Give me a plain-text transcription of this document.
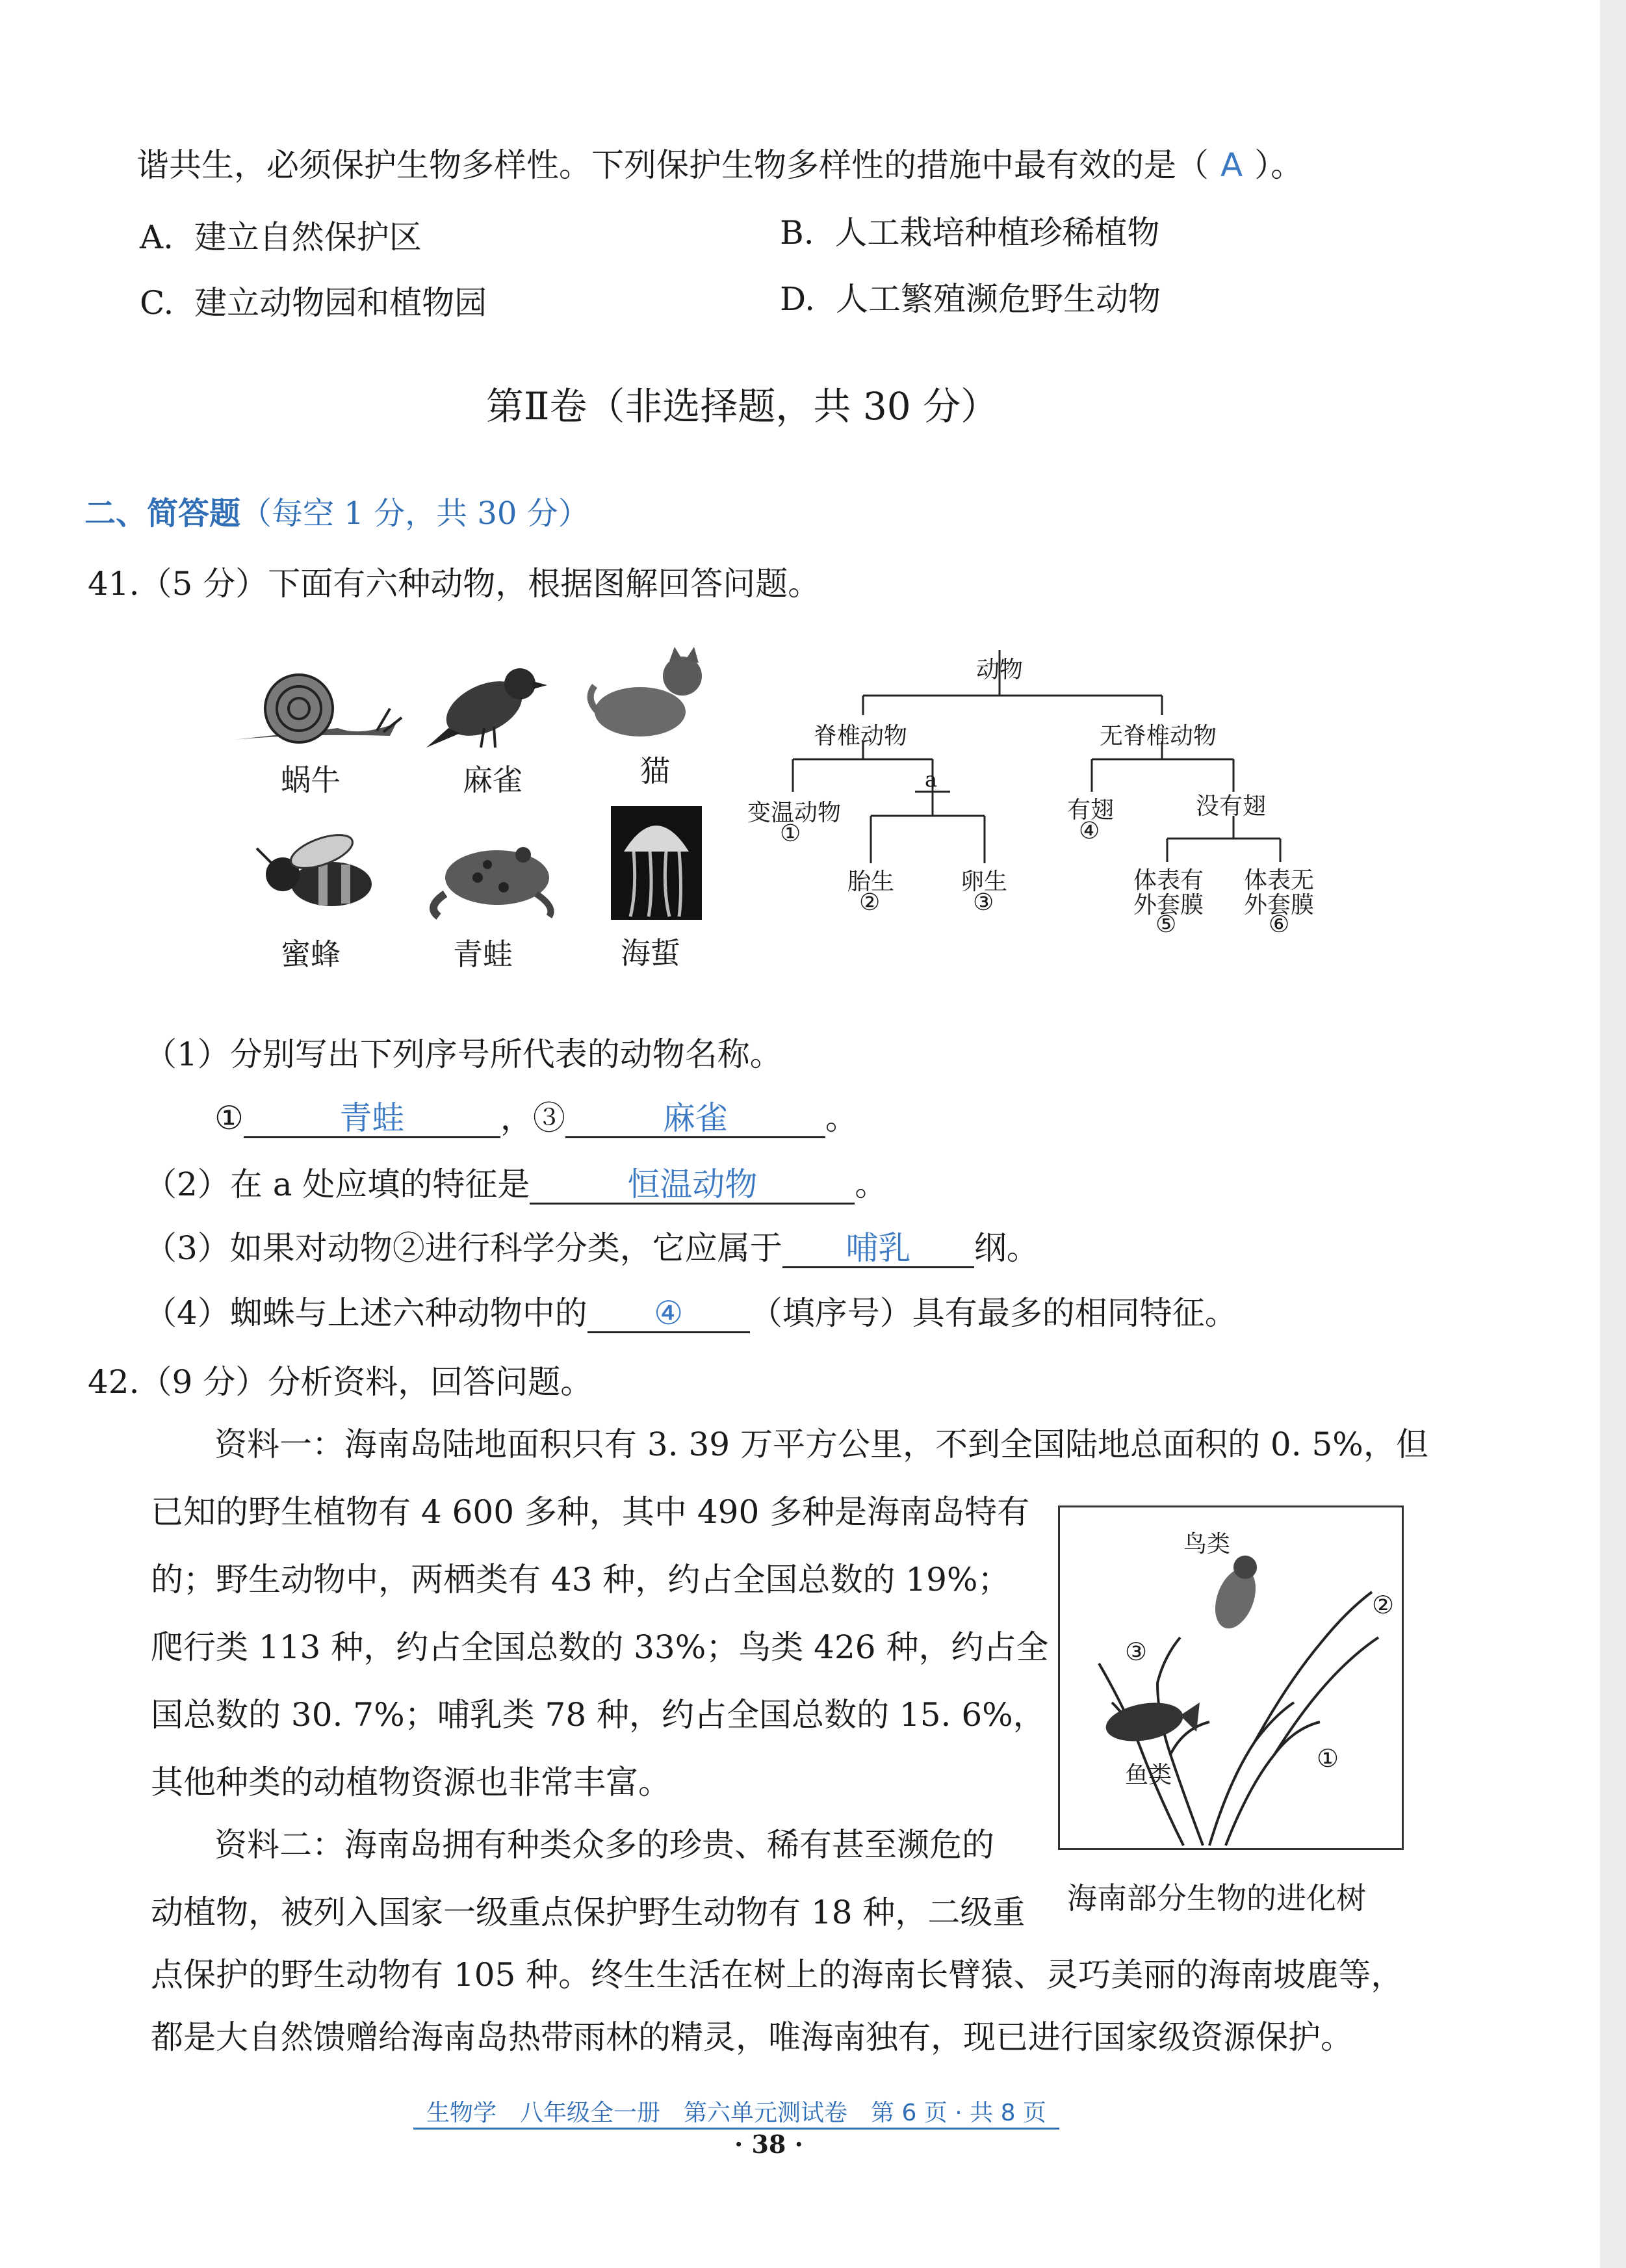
谐共生，必须保护生物多样性。下列保护生物多样性的措施中最有效的是（ A ）。
A. 建立自然保护区	B. 人工栽培种植珍稀植物
C. 建立动物园和植物园	D. 人工繁殖濒危野生动物
第Ⅱ卷（非选择题，共 30 分）
二、简答题（每空 1 分，共 30 分）
41.（5 分）下面有六种动物，根据图解回答问题。
蜗牛	麻雀	猫
蜜蜂	青蛙	海蜇
动物
脊椎动物	无脊椎动物
变温动物
①
a
胎生
②
卵生
③
有翅
④
没有翅
体表有
外套膜
⑤
体表无
外套膜
⑥
（1）分别写出下列序号所代表的动物名称。
①	青蛙	，③	麻雀	。
（2）在 a 处应填的特征是	恒温动物	。
（3）如果对动物②进行科学分类，它应属于 哺乳 纲。
（4）蜘蛛与上述六种动物中的 ④ （填序号）具有最多的相同特征。
42.（9 分）分析资料，回答问题。
资料一：海南岛陆地面积只有 3. 39 万平方公里，不到全国陆地总面积的 0. 5%，但
已知的野生植物有 4 600 多种，其中 490 多种是海南岛特有
的；野生动物中，两栖类有 43 种，约占全国总数的 19%；
爬行类 113 种，约占全国总数的 33%；鸟类 426 种，约占全
国总数的 30. 7%；哺乳类 78 种，约占全国总数的 15. 6%，
其他种类的动植物资源也非常丰富。
资料二：海南岛拥有种类众多的珍贵、稀有甚至濒危的
动植物，被列入国家一级重点保护野生动物有 18 种，二级重
点保护的野生动物有 105 种。终生生活在树上的海南长臂猿、灵巧美丽的海南坡鹿等，
都是大自然馈赠给海南岛热带雨林的精灵，唯海南独有，现已进行国家级资源保护。
鸟类
鱼类
①
②
③
海南部分生物的进化树
生物学　八年级全一册　第六单元测试卷　第 6 页 · 共 8 页
· 38 ·
